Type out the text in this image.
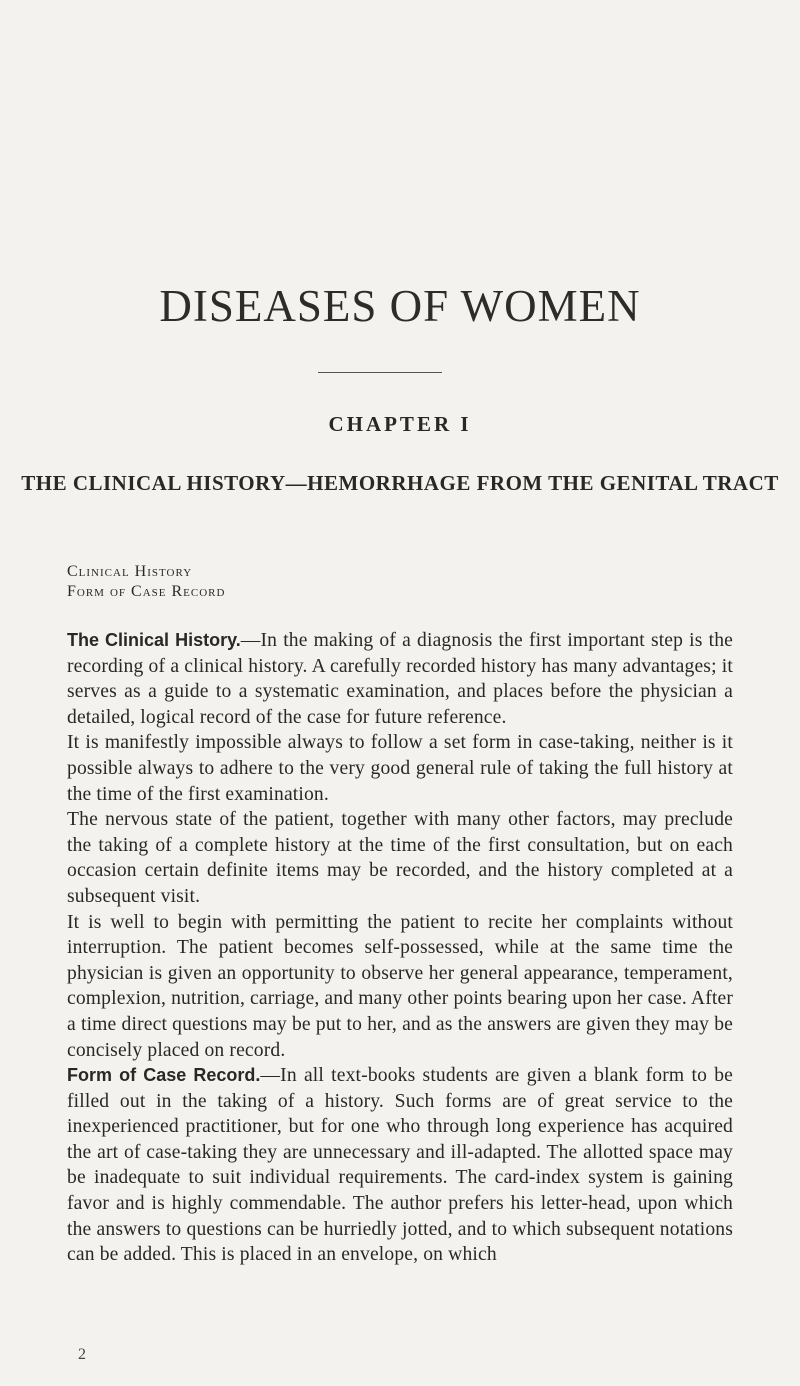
DISEASES OF WOMEN
CHAPTER I
THE CLINICAL HISTORY—HEMORRHAGE FROM THE GENITAL TRACT
Clinical History
Form of Case Record

The Clinical History.—In the making of a diagnosis the first important step is the recording of a clinical history. A carefully recorded history has many advantages; it serves as a guide to a systematic examination, and places before the physician a detailed, logical record of the case for future reference.

It is manifestly impossible always to follow a set form in case-taking, neither is it possible always to adhere to the very good general rule of taking the full history at the time of the first examination.

The nervous state of the patient, together with many other factors, may preclude the taking of a complete history at the time of the first consultation, but on each occasion certain definite items may be recorded, and the history completed at a subsequent visit.

It is well to begin with permitting the patient to recite her complaints without interruption. The patient becomes self-possessed, while at the same time the physician is given an opportunity to observe her general appearance, temperament, complexion, nutrition, carriage, and many other points bearing upon her case. After a time direct questions may be put to her, and as the answers are given they may be concisely placed on record.

Form of Case Record.—In all text-books students are given a blank form to be filled out in the taking of a history. Such forms are of great service to the inexperienced practitioner, but for one who through long experience has acquired the art of case-taking they are unnecessary and ill-adapted. The allotted space may be inadequate to suit individual requirements. The card-index system is gaining favor and is highly commendable. The author prefers his letter-head, upon which the answers to questions can be hurriedly jotted, and to which subsequent notations can be added. This is placed in an envelope, on which

2
